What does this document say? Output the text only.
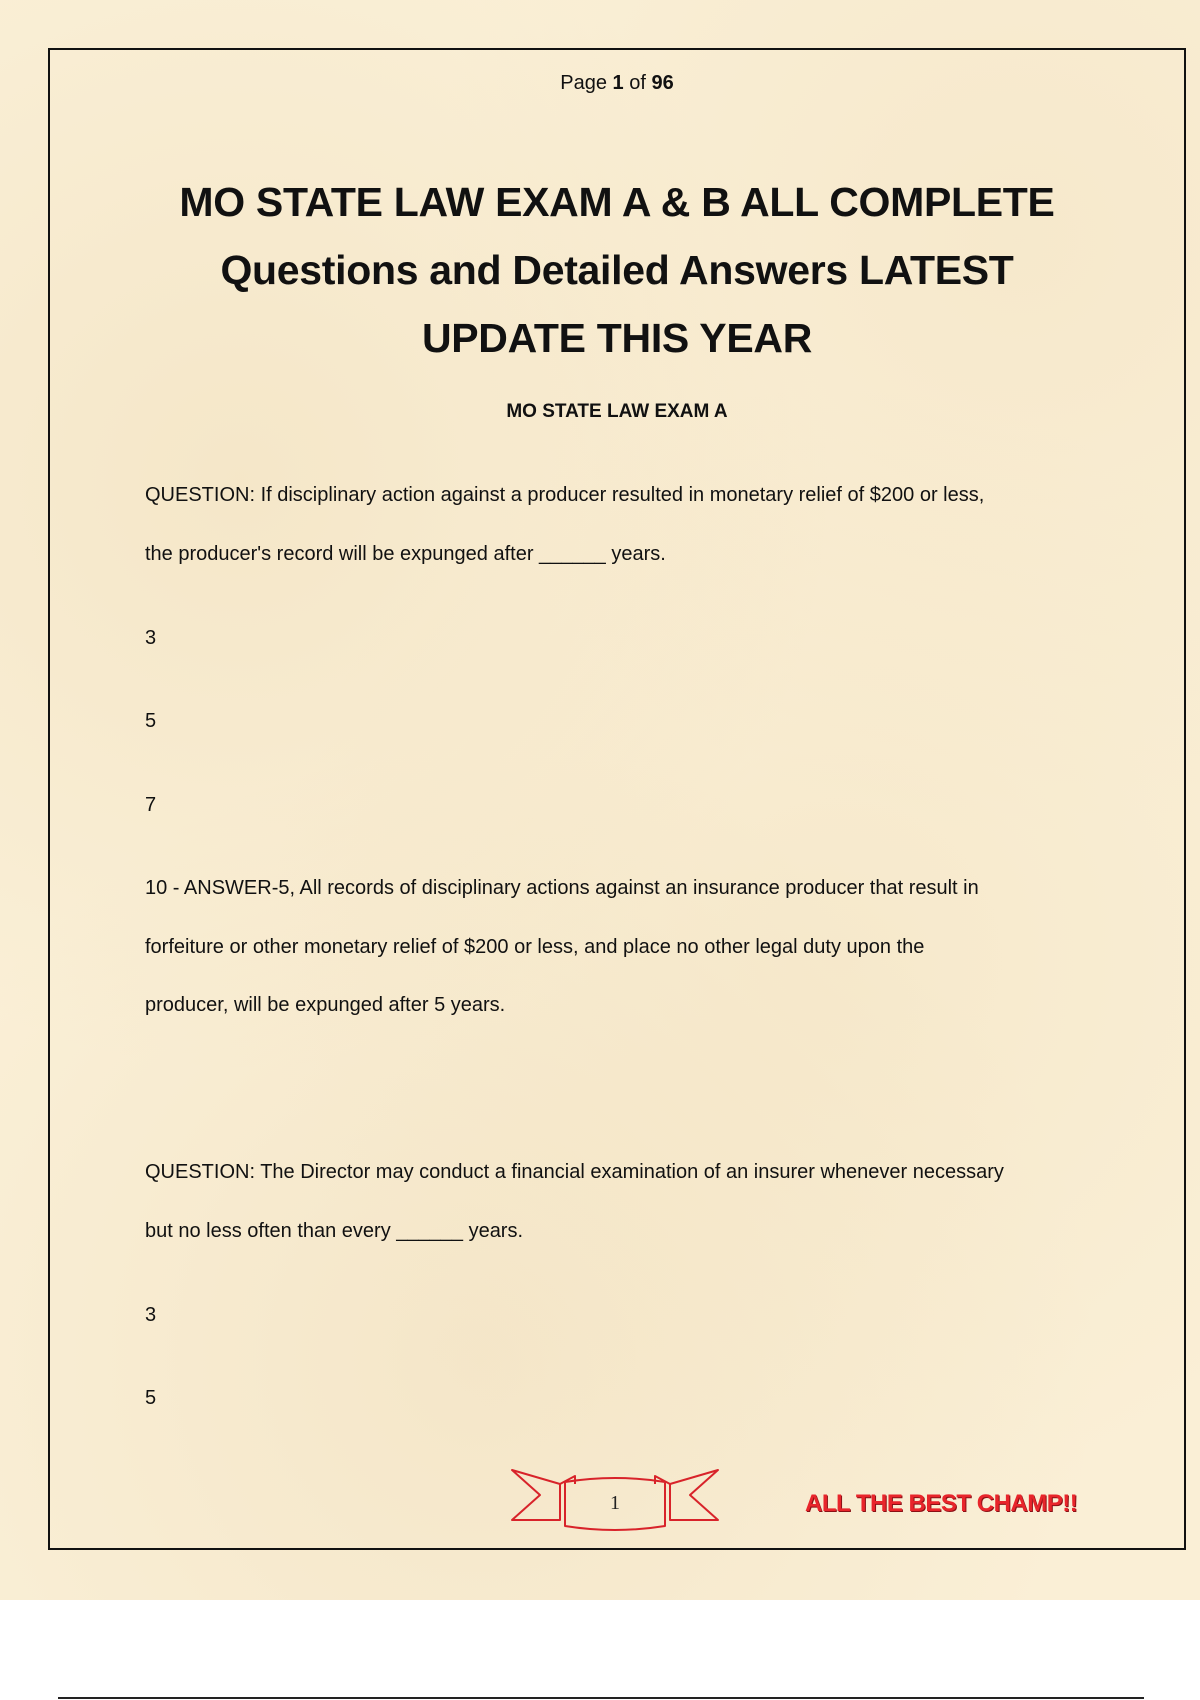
Page 1 of 96
MO STATE LAW EXAM A & B ALL COMPLETE
Questions and Detailed Answers LATEST
UPDATE THIS YEAR
MO STATE LAW EXAM A
QUESTION: If disciplinary action against a producer resulted in monetary relief of $200 or less,
the producer's record will be expunged after ______ years.
3
5
7
10 - ANSWER-5, All records of disciplinary actions against an insurance producer that result in
forfeiture or other monetary relief of $200 or less, and place no other legal duty upon the
producer, will be expunged after 5 years.
QUESTION: The Director may conduct a financial examination of an insurer whenever necessary
but no less often than every ______ years.
3
5
1	ALL THE BEST CHAMP!!
